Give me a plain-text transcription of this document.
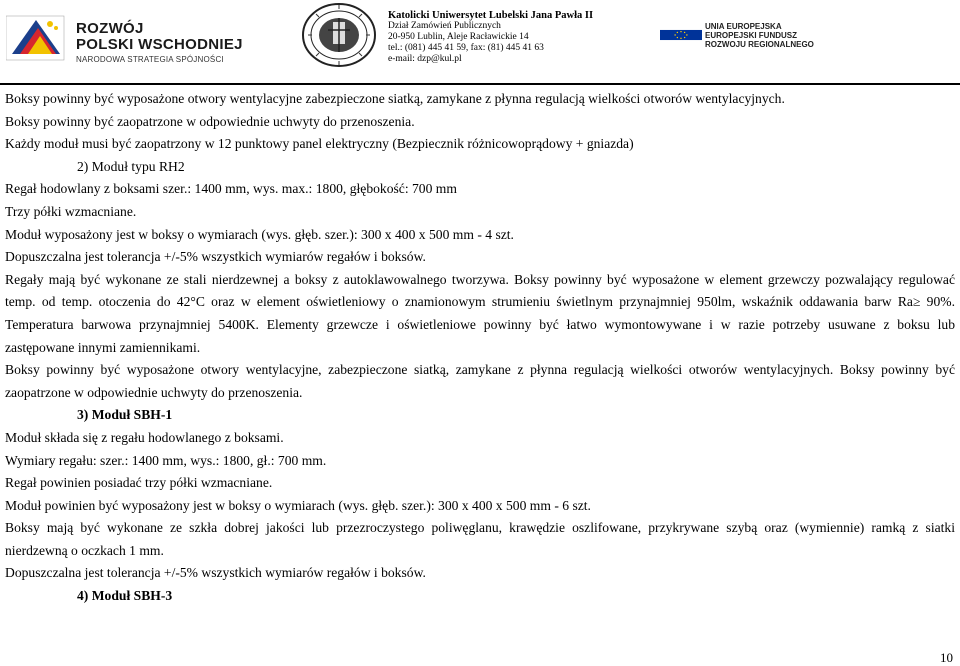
ROZWÓJ
POLSKI WSCHODNIEJ
NARODOWA STRATEGIA SPÓJNOŚCI
Katolicki Uniwersytet Lubelski Jana Pawła II
Dział Zamówień Publicznych
20-950 Lublin, Aleje Racławickie 14
tel.: (081) 445 41 59, fax: (81) 445 41 63
e-mail: dzp@kul.pl
UNIA EUROPEJSKA
EUROPEJSKI FUNDUSZ
ROZWOJU REGIONALNEGO

Boksy powinny być wyposażone otwory wentylacyjne zabezpieczone siatką, zamykane z płynna regulacją wielkości otworów wentylacyjnych.

Boksy powinny być zaopatrzone w odpowiednie uchwyty do przenoszenia.

Każdy moduł musi być zaopatrzony w 12 punktowy panel elektryczny (Bezpiecznik różnicowoprądowy + gniazda)

2) Moduł typu RH2

Regał hodowlany z boksami szer.: 1400 mm, wys. max.: 1800, głębokość: 700 mm

Trzy półki wzmacniane.

Moduł wyposażony jest w boksy o wymiarach (wys. głęb. szer.): 300 x 400 x 500 mm - 4 szt.

Dopuszczalna jest tolerancja +/-5% wszystkich wymiarów regałów i boksów.

Regały mają być wykonane ze stali nierdzewnej a boksy z autoklawowalnego tworzywa. Boksy powinny być wyposażone w element grzewczy pozwalający regulować

temp. od temp. otoczenia do 42°C oraz w element oświetleniowy o znamionowym strumieniu świetlnym przynajmniej 950lm, wskaźnik oddawania barw Ra≥ 90%.

Temperatura barwowa przynajmniej 5400K. Elementy grzewcze i oświetleniowe powinny być łatwo wymontowywane i w razie potrzeby usuwane z boksu lub

zastępowane innymi zamiennikami.

Boksy powinny być wyposażone otwory wentylacyjne, zabezpieczone siatką, zamykane z płynna regulacją wielkości otworów wentylacyjnych. Boksy powinny być

zaopatrzone w odpowiednie uchwyty do przenoszenia.

3) Moduł SBH-1

Moduł składa się z regału hodowlanego z boksami.

Wymiary regału: szer.: 1400 mm, wys.: 1800, gł.: 700 mm.

Regał powinien posiadać trzy półki wzmacniane.

Moduł powinien być wyposażony jest w boksy o wymiarach (wys. głęb. szer.): 300 x 400 x 500 mm - 6 szt.

Boksy mają być wykonane ze szkła dobrej jakości lub przezroczystego poliwęglanu, krawędzie oszlifowane, przykrywane szybą oraz (wymiennie) ramką z siatki

nierdzewną o oczkach 1 mm.

Dopuszczalna jest tolerancja +/-5% wszystkich wymiarów regałów i boksów.

4) Moduł SBH-3

10
